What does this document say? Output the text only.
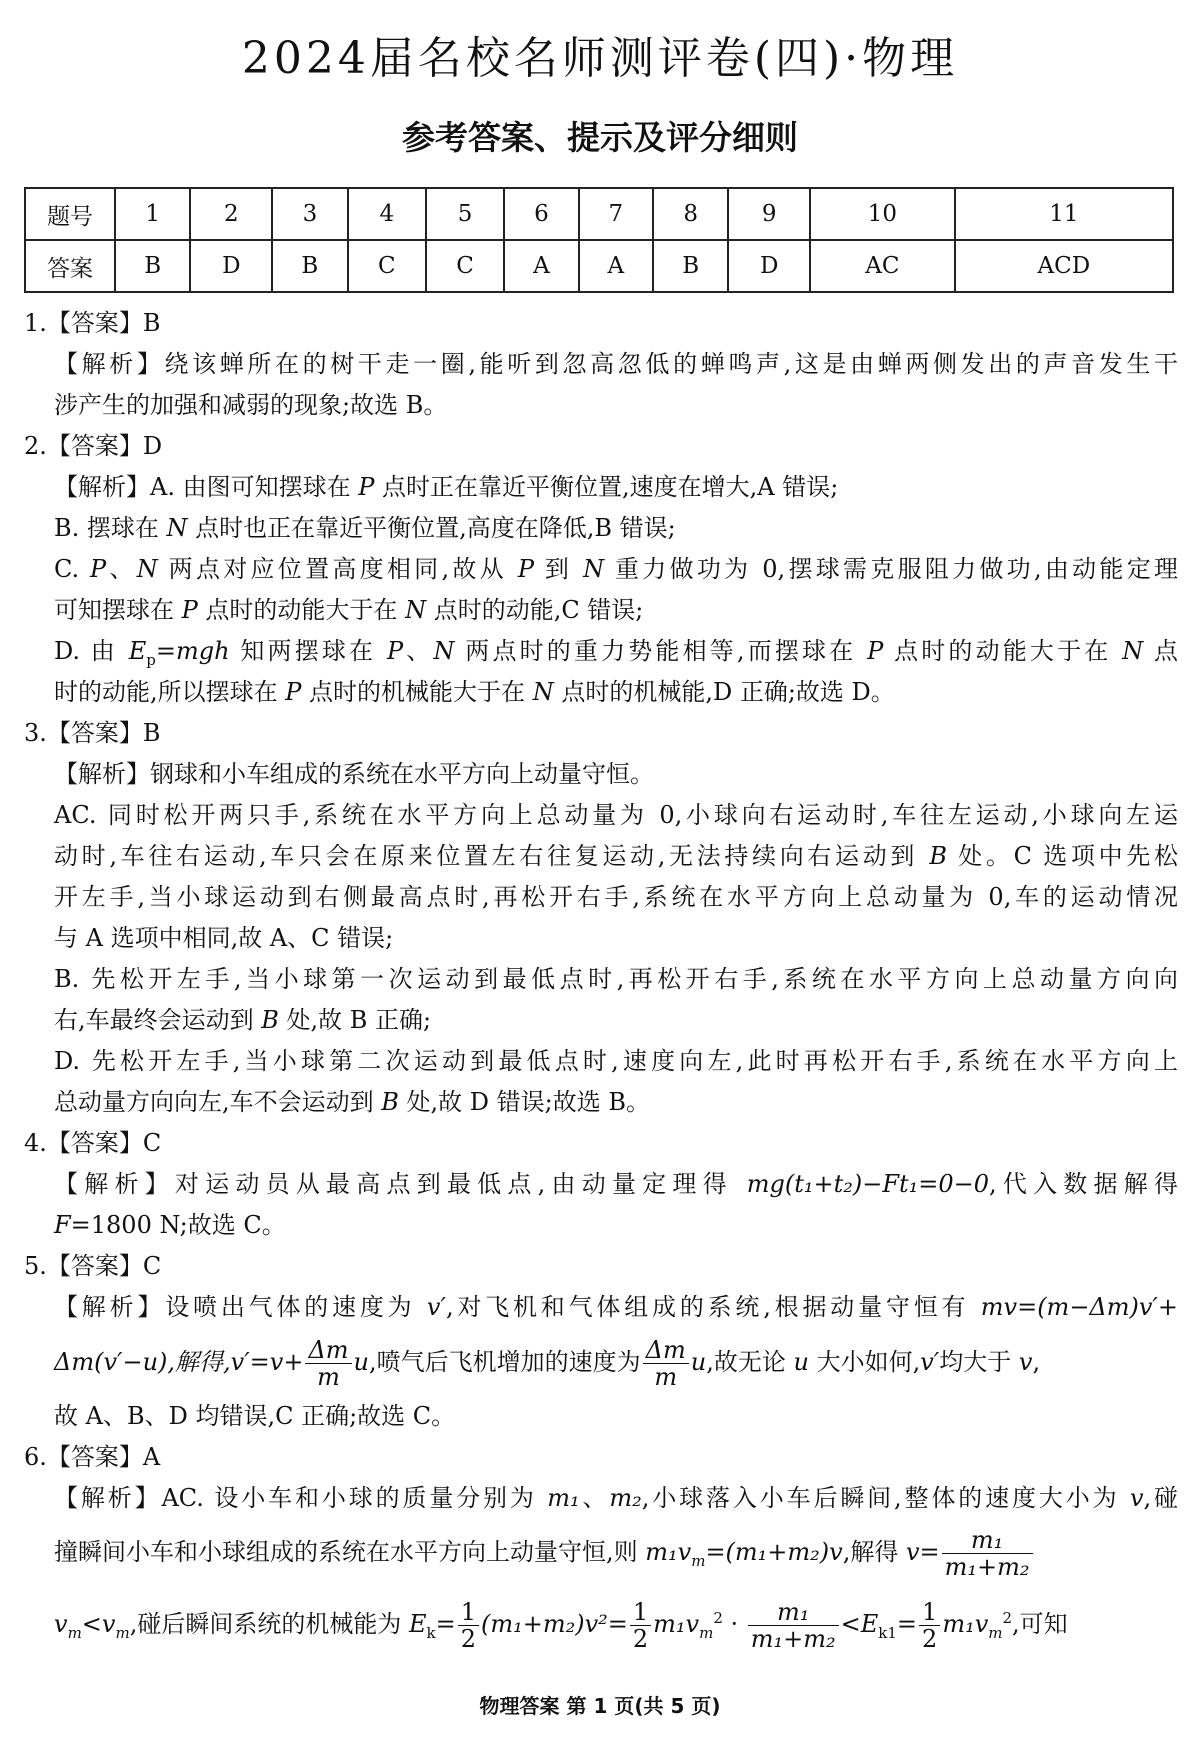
2024届名校名师测评卷(四)·物理
参考答案、提示及评分细则
题号	1	2	3	4	5	6	7	8	9	10	11
答案	B	D	B	C	C	A	A	B	D	AC	ACD
1.【答案】B
【解析】绕该蝉所在的树干走一圈,能听到忽高忽低的蝉鸣声,这是由蝉两侧发出的声音发生干
涉产生的加强和减弱的现象;故选 B。
2.【答案】D
【解析】A. 由图可知摆球在 P 点时正在靠近平衡位置,速度在增大,A 错误;
B. 摆球在 N 点时也正在靠近平衡位置,高度在降低,B 错误;
C. P、N 两点对应位置高度相同,故从 P 到 N 重力做功为 0,摆球需克服阻力做功,由动能定理
可知摆球在 P 点时的动能大于在 N 点时的动能,C 错误;
D. 由 $E_p=mgh$ 知两摆球在 P、N 两点时的重力势能相等,而摆球在 P 点时的动能大于在 N 点
时的动能,所以摆球在 P 点时的机械能大于在 N 点时的机械能,D 正确;故选 D。
3.【答案】B
【解析】钢球和小车组成的系统在水平方向上动量守恒。
AC. 同时松开两只手,系统在水平方向上总动量为 0,小球向右运动时,车往左运动,小球向左运
动时,车往右运动,车只会在原来位置左右往复运动,无法持续向右运动到 B 处。C 选项中先松
开左手,当小球运动到右侧最高点时,再松开右手,系统在水平方向上总动量为 0,车的运动情况
与 A 选项中相同,故 A、C 错误;
B. 先松开左手,当小球第一次运动到最低点时,再松开右手,系统在水平方向上总动量方向向
右,车最终会运动到 B 处,故 B 正确;
D. 先松开左手,当小球第二次运动到最低点时,速度向左,此时再松开右手,系统在水平方向上
总动量方向向左,车不会运动到 B 处,故 D 错误;故选 B。
4.【答案】C
【解析】对运动员从最高点到最低点,由动量定理得 mg(t₁+t₂)−Ft₁=0−0,代入数据解得
F=1800 N;故选 C。
5.【答案】C
【解析】设喷出气体的速度为 v′,对飞机和气体组成的系统,根据动量守恒有 mv=(m−Δm)v′+
Δm(v′−u),解得$,v'=v+ \frac{\Delta m}{m} u$,喷气后飞机增加的速度为 $\frac{\Delta m}{m} u$,故无论 u 大小如何,v′均大于 v,
故 A、B、D 均错误,C 正确;故选 C。
6.【答案】A
【解析】AC. 设小车和小球的质量分别为 m₁、m₂,小球落入小车后瞬间,整体的速度大小为 v,碰
撞瞬间小车和小球组成的系统在水平方向上动量守恒,则 $m_1v_m=(m_1+m_2)v$,解得 $v= \frac{\text{m₁}}{\text{m₁+m₂}}$
$v_m<v_m$,碰后瞬间系统的机械能为 $E_k= \frac{1}{2} (m_1+m_2)v^2= \frac{1}{2} m_1v_m^2 \cdot \frac{\text{m₁}}{\text{m₁+m₂}} <E_{k1}= \frac{1}{2} m_1v_m^2$,可知
物理答案 第 1 页(共 5 页)
